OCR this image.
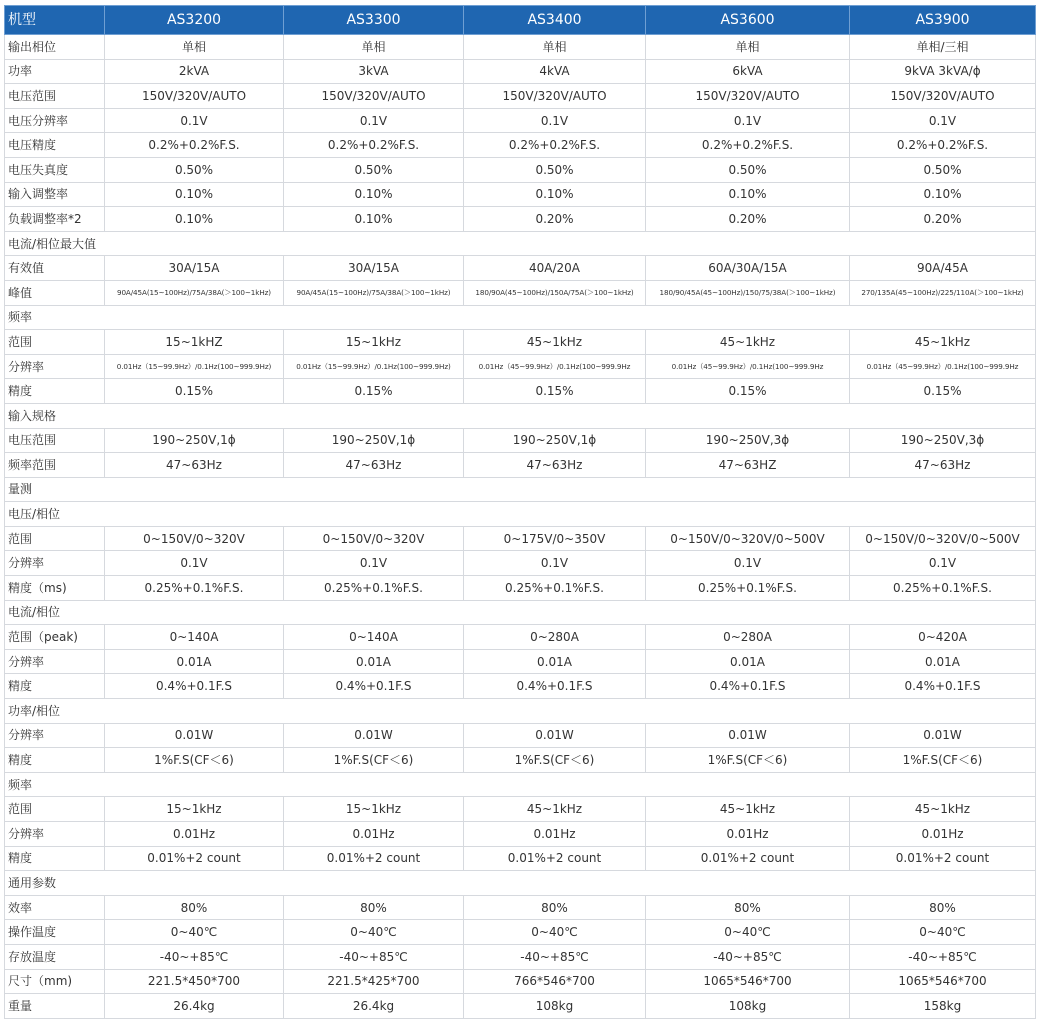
机型	AS3200	AS3300	AS3400	AS3600	AS3900
输出相位	单相	单相	单相	单相	单相/三相
功率	2kVA	3kVA	4kVA	6kVA	9kVA 3kVA/ϕ
电压范围	150V/320V/AUTO	150V/320V/AUTO	150V/320V/AUTO	150V/320V/AUTO	150V/320V/AUTO
电压分辨率	0.1V	0.1V	0.1V	0.1V	0.1V
电压精度	0.2%+0.2%F.S.	0.2%+0.2%F.S.	0.2%+0.2%F.S.	0.2%+0.2%F.S.	0.2%+0.2%F.S.
电压失真度	0.50%	0.50%	0.50%	0.50%	0.50%
输入调整率	0.10%	0.10%	0.10%	0.10%	0.10%
负载调整率*2	0.10%	0.10%	0.20%	0.20%	0.20%
电流/相位最大值					
有效值	30A/15A	30A/15A	40A/20A	60A/30A/15A	90A/45A
峰值	90A/45A(15~100Hz)/75A/38A(＞100~1kHz)	90A/45A(15~100Hz)/75A/38A(＞100~1kHz)	180/90A(45~100Hz)/150A/75A(＞100~1kHz)	180/90/45A(45~100Hz)/150/75/38A(＞100~1kHz)	270/135A(45~100Hz)/225/110A(＞100~1kHz)
频率					
范围	15~1kHZ	15~1kHz	45~1kHz	45~1kHz	45~1kHz
分辨率	0.01Hz（15~99.9Hz）/0.1Hz(100~999.9Hz)	0.01Hz（15~99.9Hz）/0.1Hz(100~999.9Hz)	0.01Hz（45~99.9Hz）/0.1Hz(100~999.9Hz	0.01Hz（45~99.9Hz）/0.1Hz(100~999.9Hz	0.01Hz（45~99.9Hz）/0.1Hz(100~999.9Hz
精度	0.15%	0.15%	0.15%	0.15%	0.15%
输入规格					
电压范围	190~250V,1ϕ	190~250V,1ϕ	190~250V,1ϕ	190~250V,3ϕ	190~250V,3ϕ
频率范围	47~63Hz	47~63Hz	47~63Hz	47~63HZ	47~63Hz
量测					
电压/相位					
范围	0~150V/0~320V	0~150V/0~320V	0~175V/0~350V	0~150V/0~320V/0~500V	0~150V/0~320V/0~500V
分辨率	0.1V	0.1V	0.1V	0.1V	0.1V
精度（ms)	0.25%+0.1%F.S.	0.25%+0.1%F.S.	0.25%+0.1%F.S.	0.25%+0.1%F.S.	0.25%+0.1%F.S.
电流/相位					
范围（peak)	0~140A	0~140A	0~280A	0~280A	0~420A
分辨率	0.01A	0.01A	0.01A	0.01A	0.01A
精度	0.4%+0.1F.S	0.4%+0.1F.S	0.4%+0.1F.S	0.4%+0.1F.S	0.4%+0.1F.S
功率/相位					
分辨率	0.01W	0.01W	0.01W	0.01W	0.01W
精度	1%F.S(CF＜6)	1%F.S(CF＜6)	1%F.S(CF＜6)	1%F.S(CF＜6)	1%F.S(CF＜6)
频率					
范围	15~1kHz	15~1kHz	45~1kHz	45~1kHz	45~1kHz
分辨率	0.01Hz	0.01Hz	0.01Hz	0.01Hz	0.01Hz
精度	0.01%+2 count	0.01%+2 count	0.01%+2 count	0.01%+2 count	0.01%+2 count
通用参数					
效率	80%	80%	80%	80%	80%
操作温度	0~40℃	0~40℃	0~40℃	0~40℃	0~40℃
存放温度	-40~+85℃	-40~+85℃	-40~+85℃	-40~+85℃	-40~+85℃
尺寸（mm)	221.5*450*700	221.5*425*700	766*546*700	1065*546*700	1065*546*700
重量	26.4kg	26.4kg	108kg	108kg	158kg
